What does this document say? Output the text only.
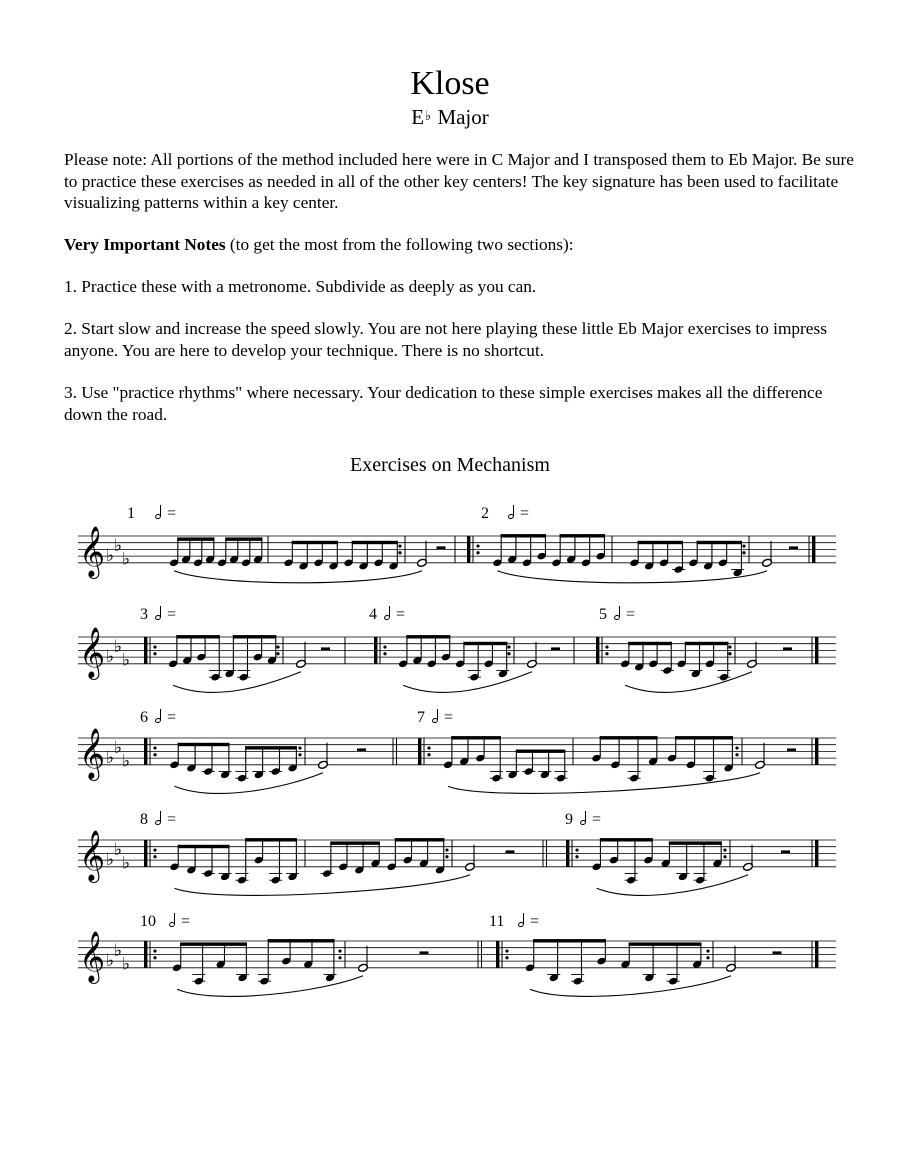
Klose
E♭ Major

Please note: All portions of the method included here were in C Major and I transposed them to Eb Major. Be sure to practice these exercises as needed in all of the other key centers! The key signature has been used to facilitate visualizing patterns within a key center.

Very Important Notes (to get the most from the following two sections):

1. Practice these with a metronome. Subdivide as deeply as you can.

2. Start slow and increase the speed slowly. You are not here playing these little Eb Major exercises to impress anyone. You are here to develop your technique. There is no shortcut.

3. Use "practice rhythms" where necessary. Your dedication to these simple exercises makes all the difference down the road.

Exercises on Mechanism
1	=	2	=
3	=	4	=	5	=
6	=	7	=
8	=	9	=
10	=	11	=
𝄞 ♭
♭
♭
𝄞 ♭
♭
♭
𝄞 ♭
♭
♭
𝄞 ♭
♭
♭
𝄞 ♭
♭
♭
